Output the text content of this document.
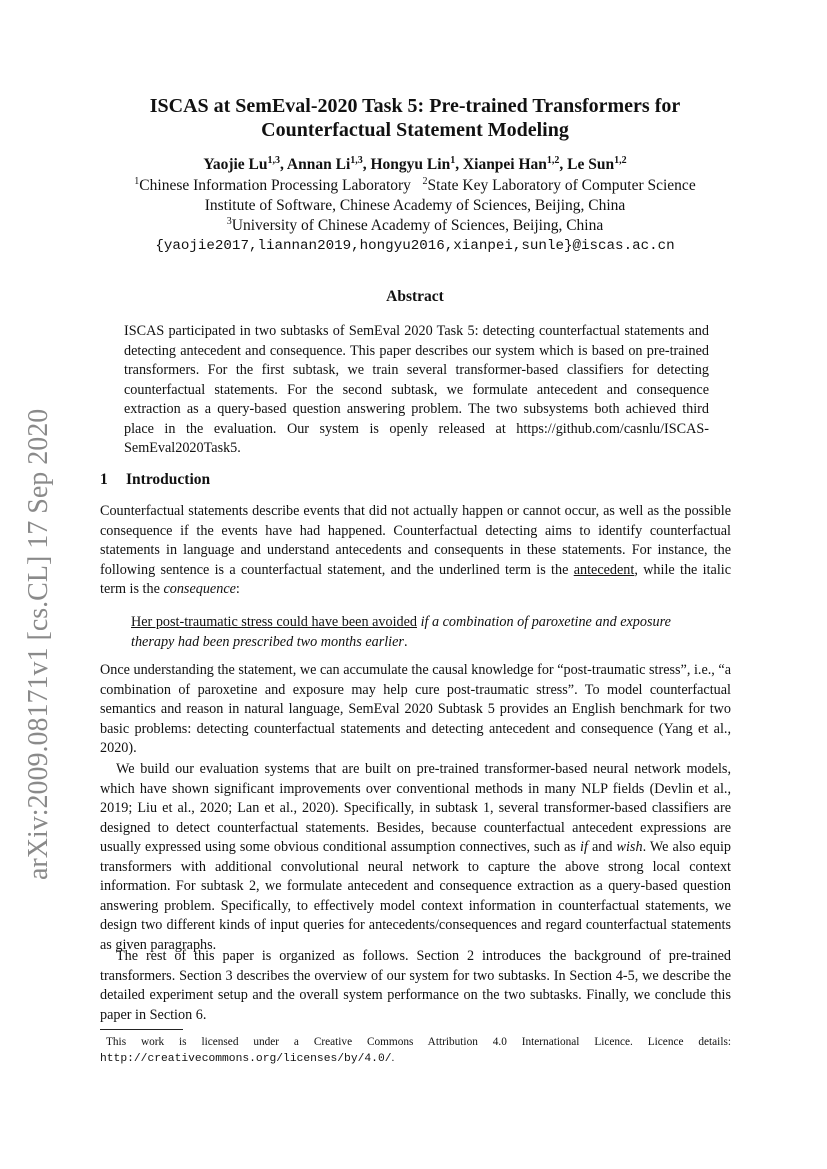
arXiv:2009.08171v1 [cs.CL] 17 Sep 2020
ISCAS at SemEval-2020 Task 5: Pre-trained Transformers for
Counterfactual Statement Modeling
Yaojie Lu$^{1,3}$, Annan Li$^{1,3}$, Hongyu Lin$^1$, Xianpei Han$^{1,2}$, Le Sun$^{1,2}$
$^1$Chinese Information Processing Laboratory $^2$State Key Laboratory of Computer Science
Institute of Software, Chinese Academy of Sciences, Beijing, China
$^3$University of Chinese Academy of Sciences, Beijing, China
{yaojie2017,liannan2019,hongyu2016,xianpei,sunle}@iscas.ac.cn
Abstract
ISCAS participated in two subtasks of SemEval 2020 Task 5: detecting counterfactual statements and detecting antecedent and consequence. This paper describes our system which is based on pre-trained transformers. For the first subtask, we train several transformer-based classifiers for detecting counterfactual statements. For the second subtask, we formulate antecedent and consequence extraction as a query-based question answering problem. The two subsystems both achieved third place in the evaluation. Our system is openly released at https://github.com/casnlu/ISCAS-SemEval2020Task5.
1 Introduction
Counterfactual statements describe events that did not actually happen or cannot occur, as well as the possible consequence if the events have had happened. Counterfactual detecting aims to identify counterfactual statements in language and understand antecedents and consequents in these statements. For instance, the following sentence is a counterfactual statement, and the underlined term is the antecedent, while the italic term is the consequence:
Her post-traumatic stress could have been avoided if a combination of paroxetine and exposure therapy had been prescribed two months earlier.
Once understanding the statement, we can accumulate the causal knowledge for “post-traumatic stress”, i.e., “a combination of paroxetine and exposure may help cure post-traumatic stress”. To model counterfactual semantics and reason in natural language, SemEval 2020 Subtask 5 provides an English benchmark for two basic problems: detecting counterfactual statements and detecting antecedent and consequence (Yang et al., 2020).
We build our evaluation systems that are built on pre-trained transformer-based neural network models, which have shown significant improvements over conventional methods in many NLP fields (Devlin et al., 2019; Liu et al., 2020; Lan et al., 2020). Specifically, in subtask 1, several transformer-based classifiers are designed to detect counterfactual statements. Besides, because counterfactual antecedent expressions are usually expressed using some obvious conditional assumption connectives, such as if and wish. We also equip transformers with additional convolutional neural network to capture the above strong local context information. For subtask 2, we formulate antecedent and consequence extraction as a query-based question answering problem. Specifically, to effectively model context information in counterfactual statements, we design two different kinds of input queries for antecedents/consequences and regard counterfactual statements as given paragraphs.
The rest of this paper is organized as follows. Section 2 introduces the background of pre-trained transformers. Section 3 describes the overview of our system for two subtasks. In Section 4-5, we describe the detailed experiment setup and the overall system performance on the two subtasks. Finally, we conclude this paper in Section 6.
This work is licensed under a Creative Commons Attribution 4.0 International Licence. Licence details: http://creativecommons.org/licenses/by/4.0/.
